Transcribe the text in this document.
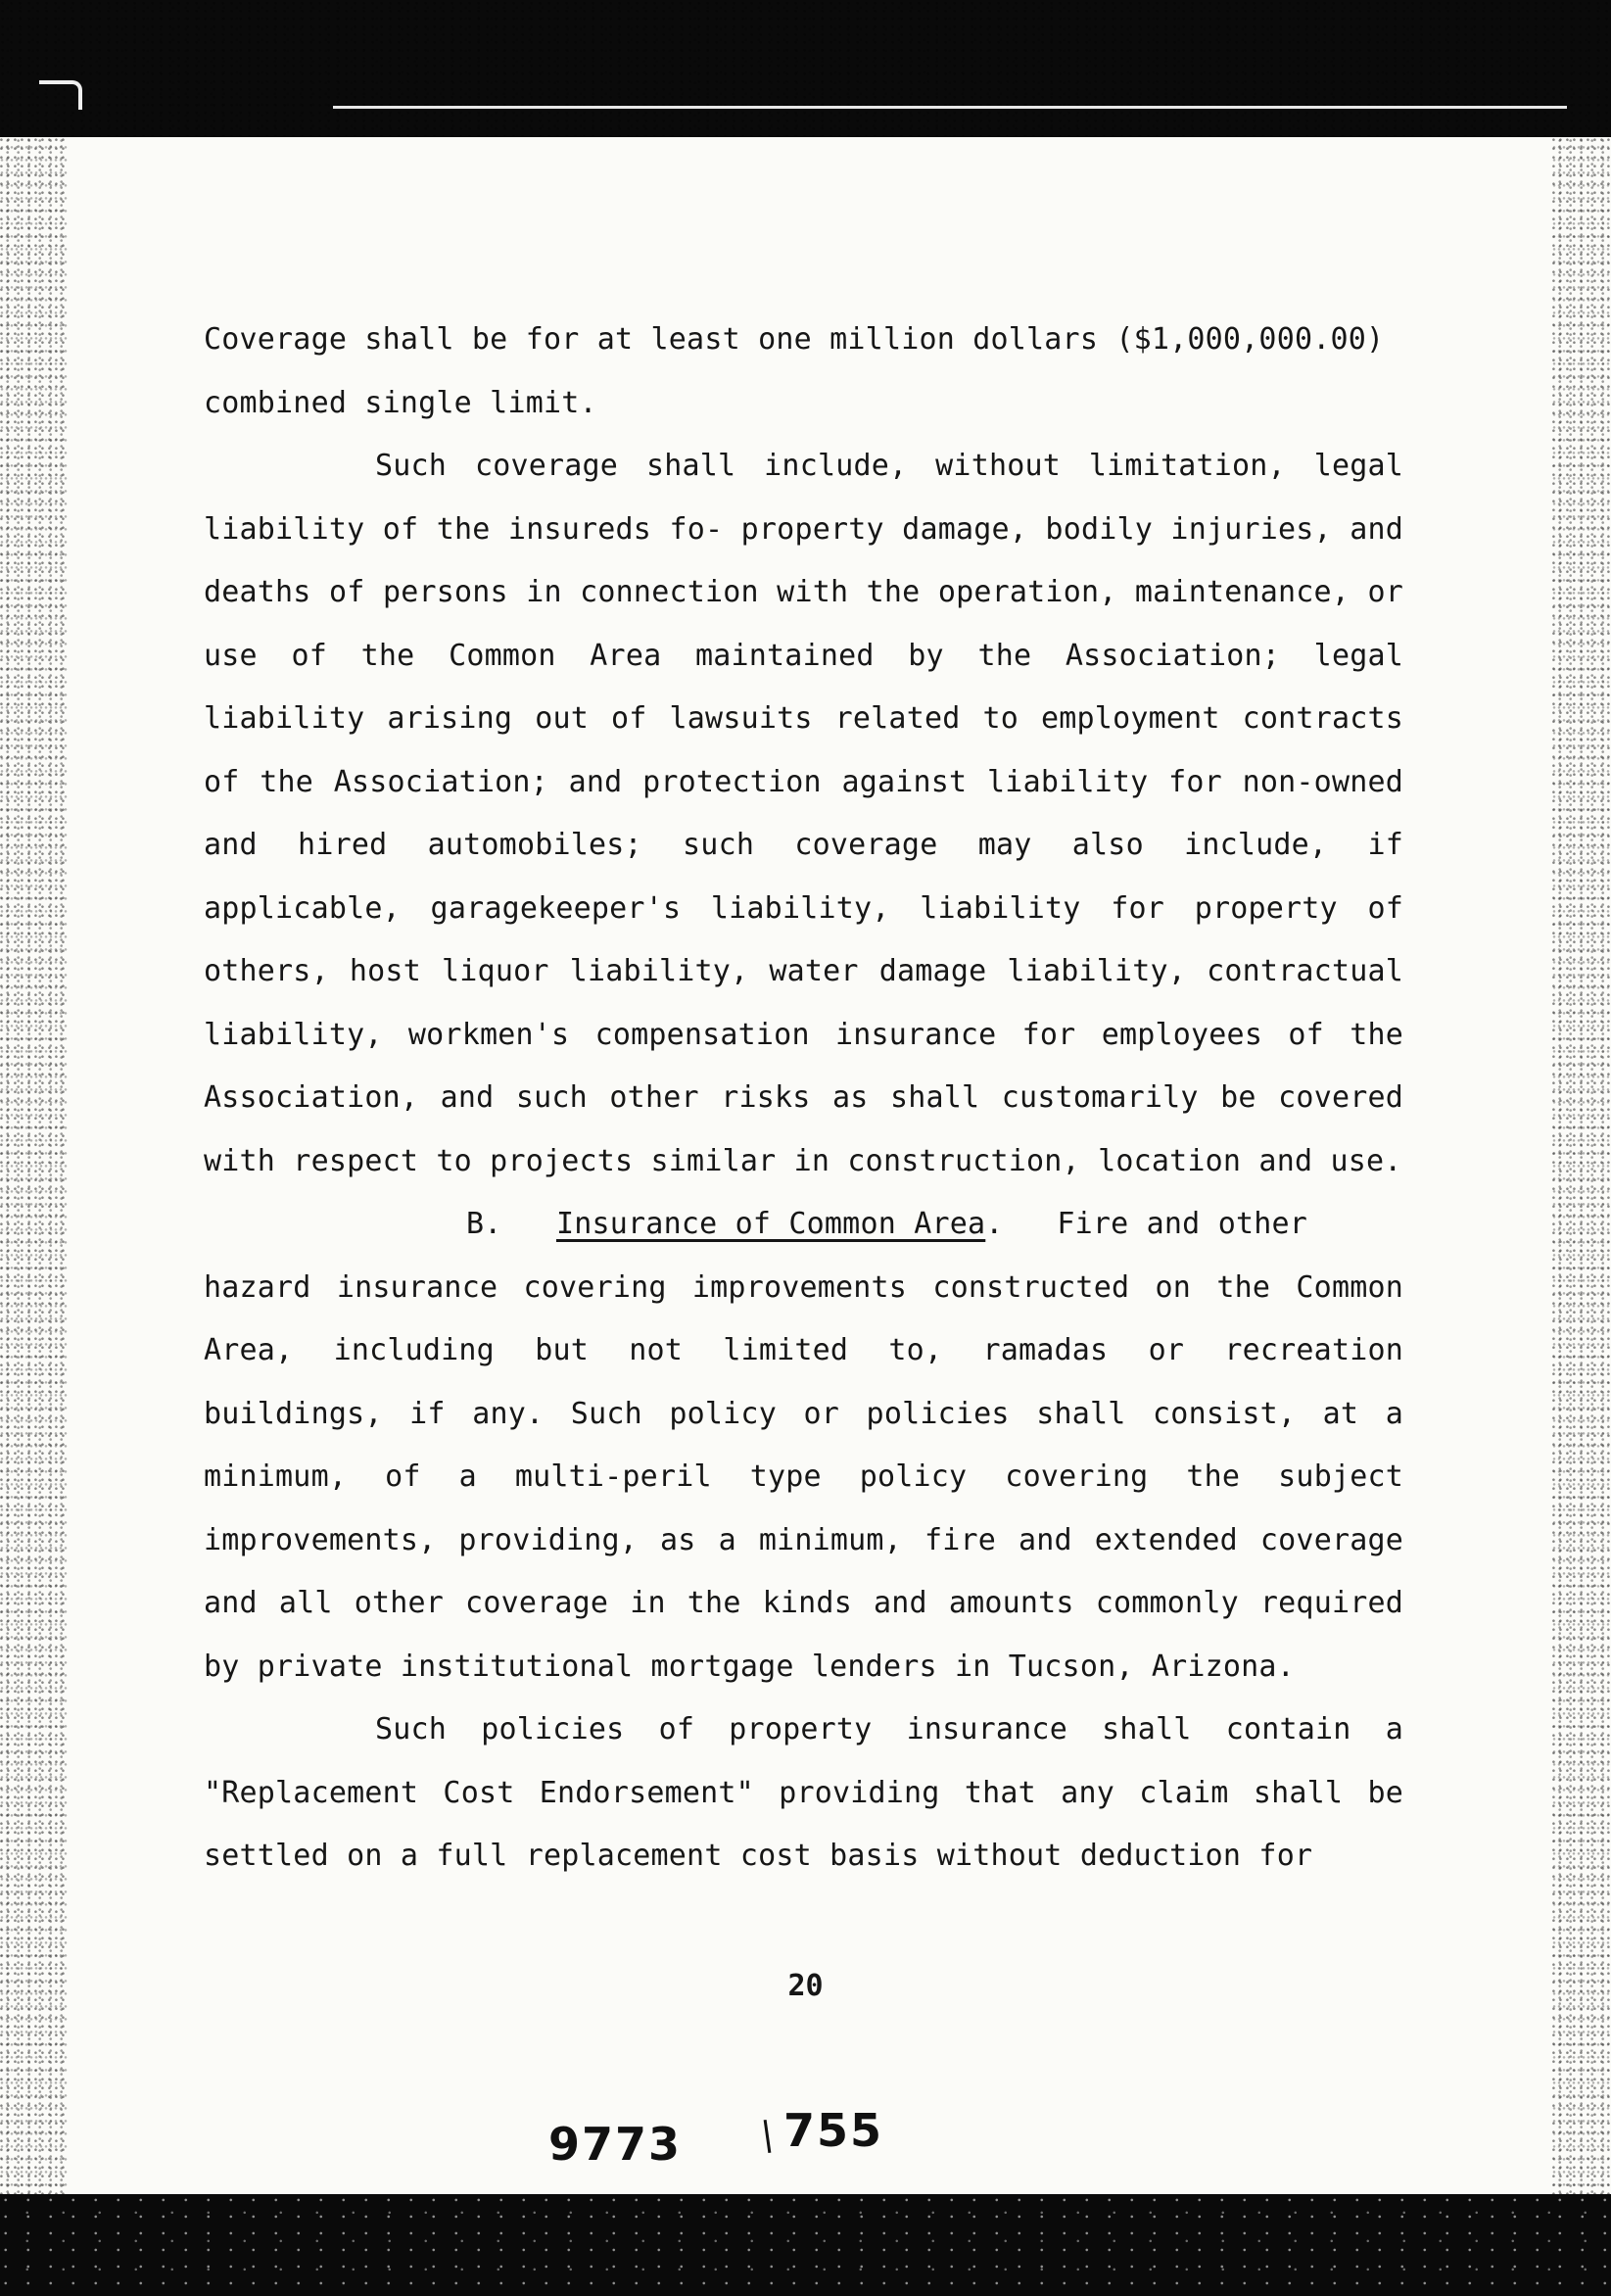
Coverage shall be for at least one million dollars ($1,000,000.00)
combined single limit.

Such coverage shall include, without limitation, legal liability of the insureds fo- property damage, bodily injuries, and deaths of persons in connection with the operation, maintenance, or use of the Common Area maintained by the Association; legal liability arising out of lawsuits related to employment contracts of the Association; and protection against liability for non-owned and hired automobiles; such coverage may also include, if applicable, garagekeeper's liability, liability for property of others, host liquor liability, water damage liability, contractual liability, workmen's compensation insurance for employees of the Association, and such other risks as shall customarily be covered with respect to projects similar in construction, location and use.

B. Insurance of Common Area. Fire and other

hazard insurance covering improvements constructed on the Common Area, including but not limited to, ramadas or recreation buildings, if any. Such policy or policies shall consist, at a minimum, of a multi-peril type policy covering the subject improvements, providing, as a minimum, fire and extended coverage and all other coverage in the kinds and amounts commonly required by private institutional mortgage lenders in Tucson, Arizona.

Such policies of property insurance shall contain a "Replacement Cost Endorsement" providing that any claim shall be settled on a full replacement cost basis without deduction for

20
9773 755
